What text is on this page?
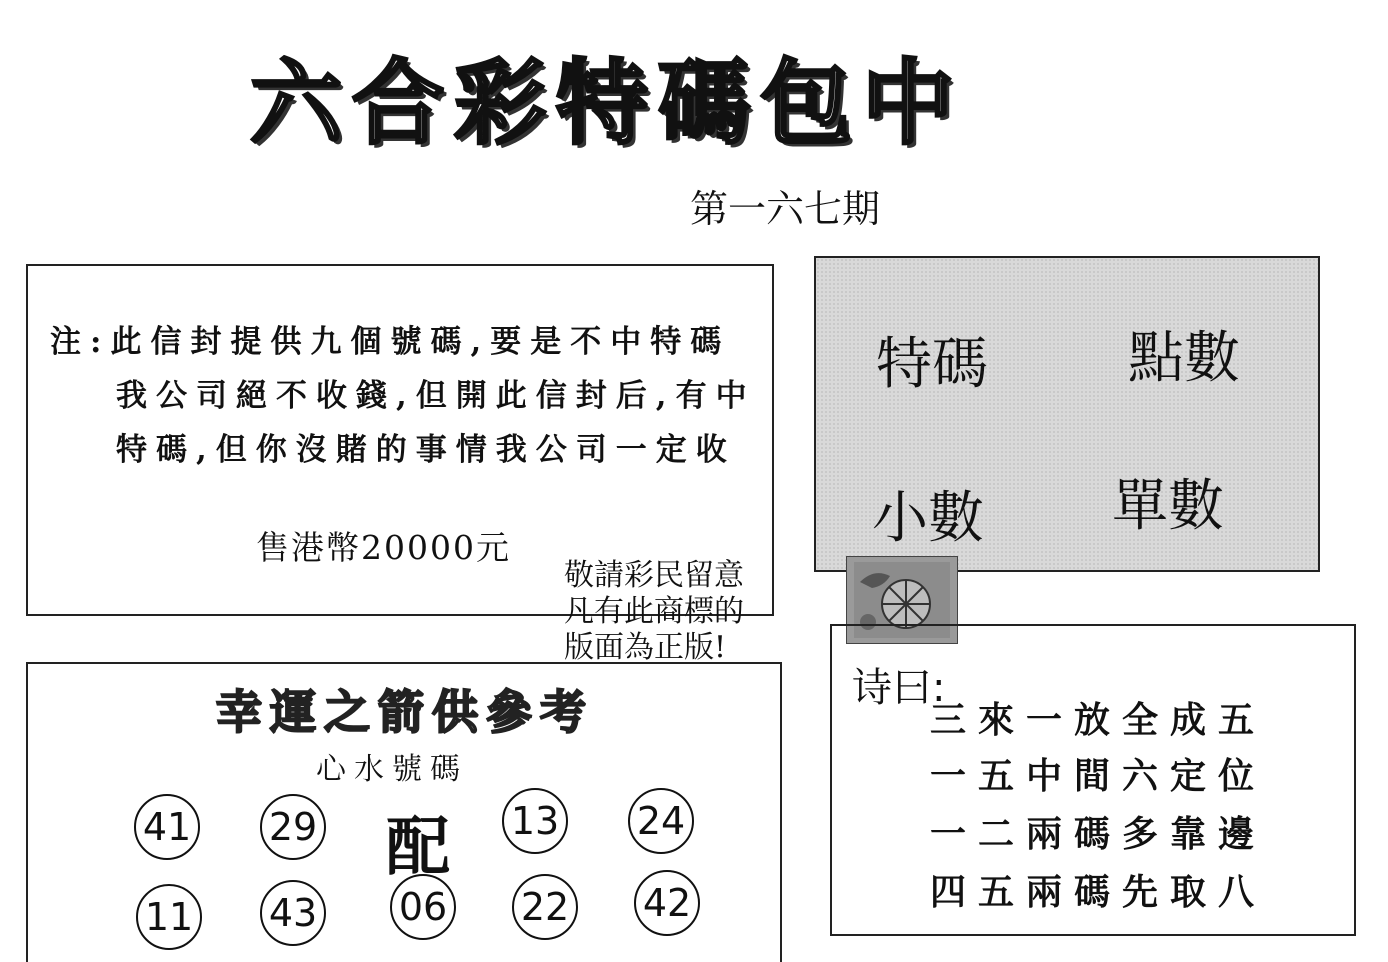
六合彩特碼包中
第一六七期
注:此信封提供九個號碼,要是不中特碼
我公司絕不收錢,但開此信封后,有中
特碼,但你沒賭的事情我公司一定收
售港幣20000元
特碼	點數
小數 單數
敬請彩民留意
凡有此商標的
版面為正版!
幸運之箭供參考
心水號碼
41 29 配 13 24
11 43 06 22 42
诗曰:
三來一放全成五
一五中間六定位
一二兩碼多靠邊
四五兩碼先取八
